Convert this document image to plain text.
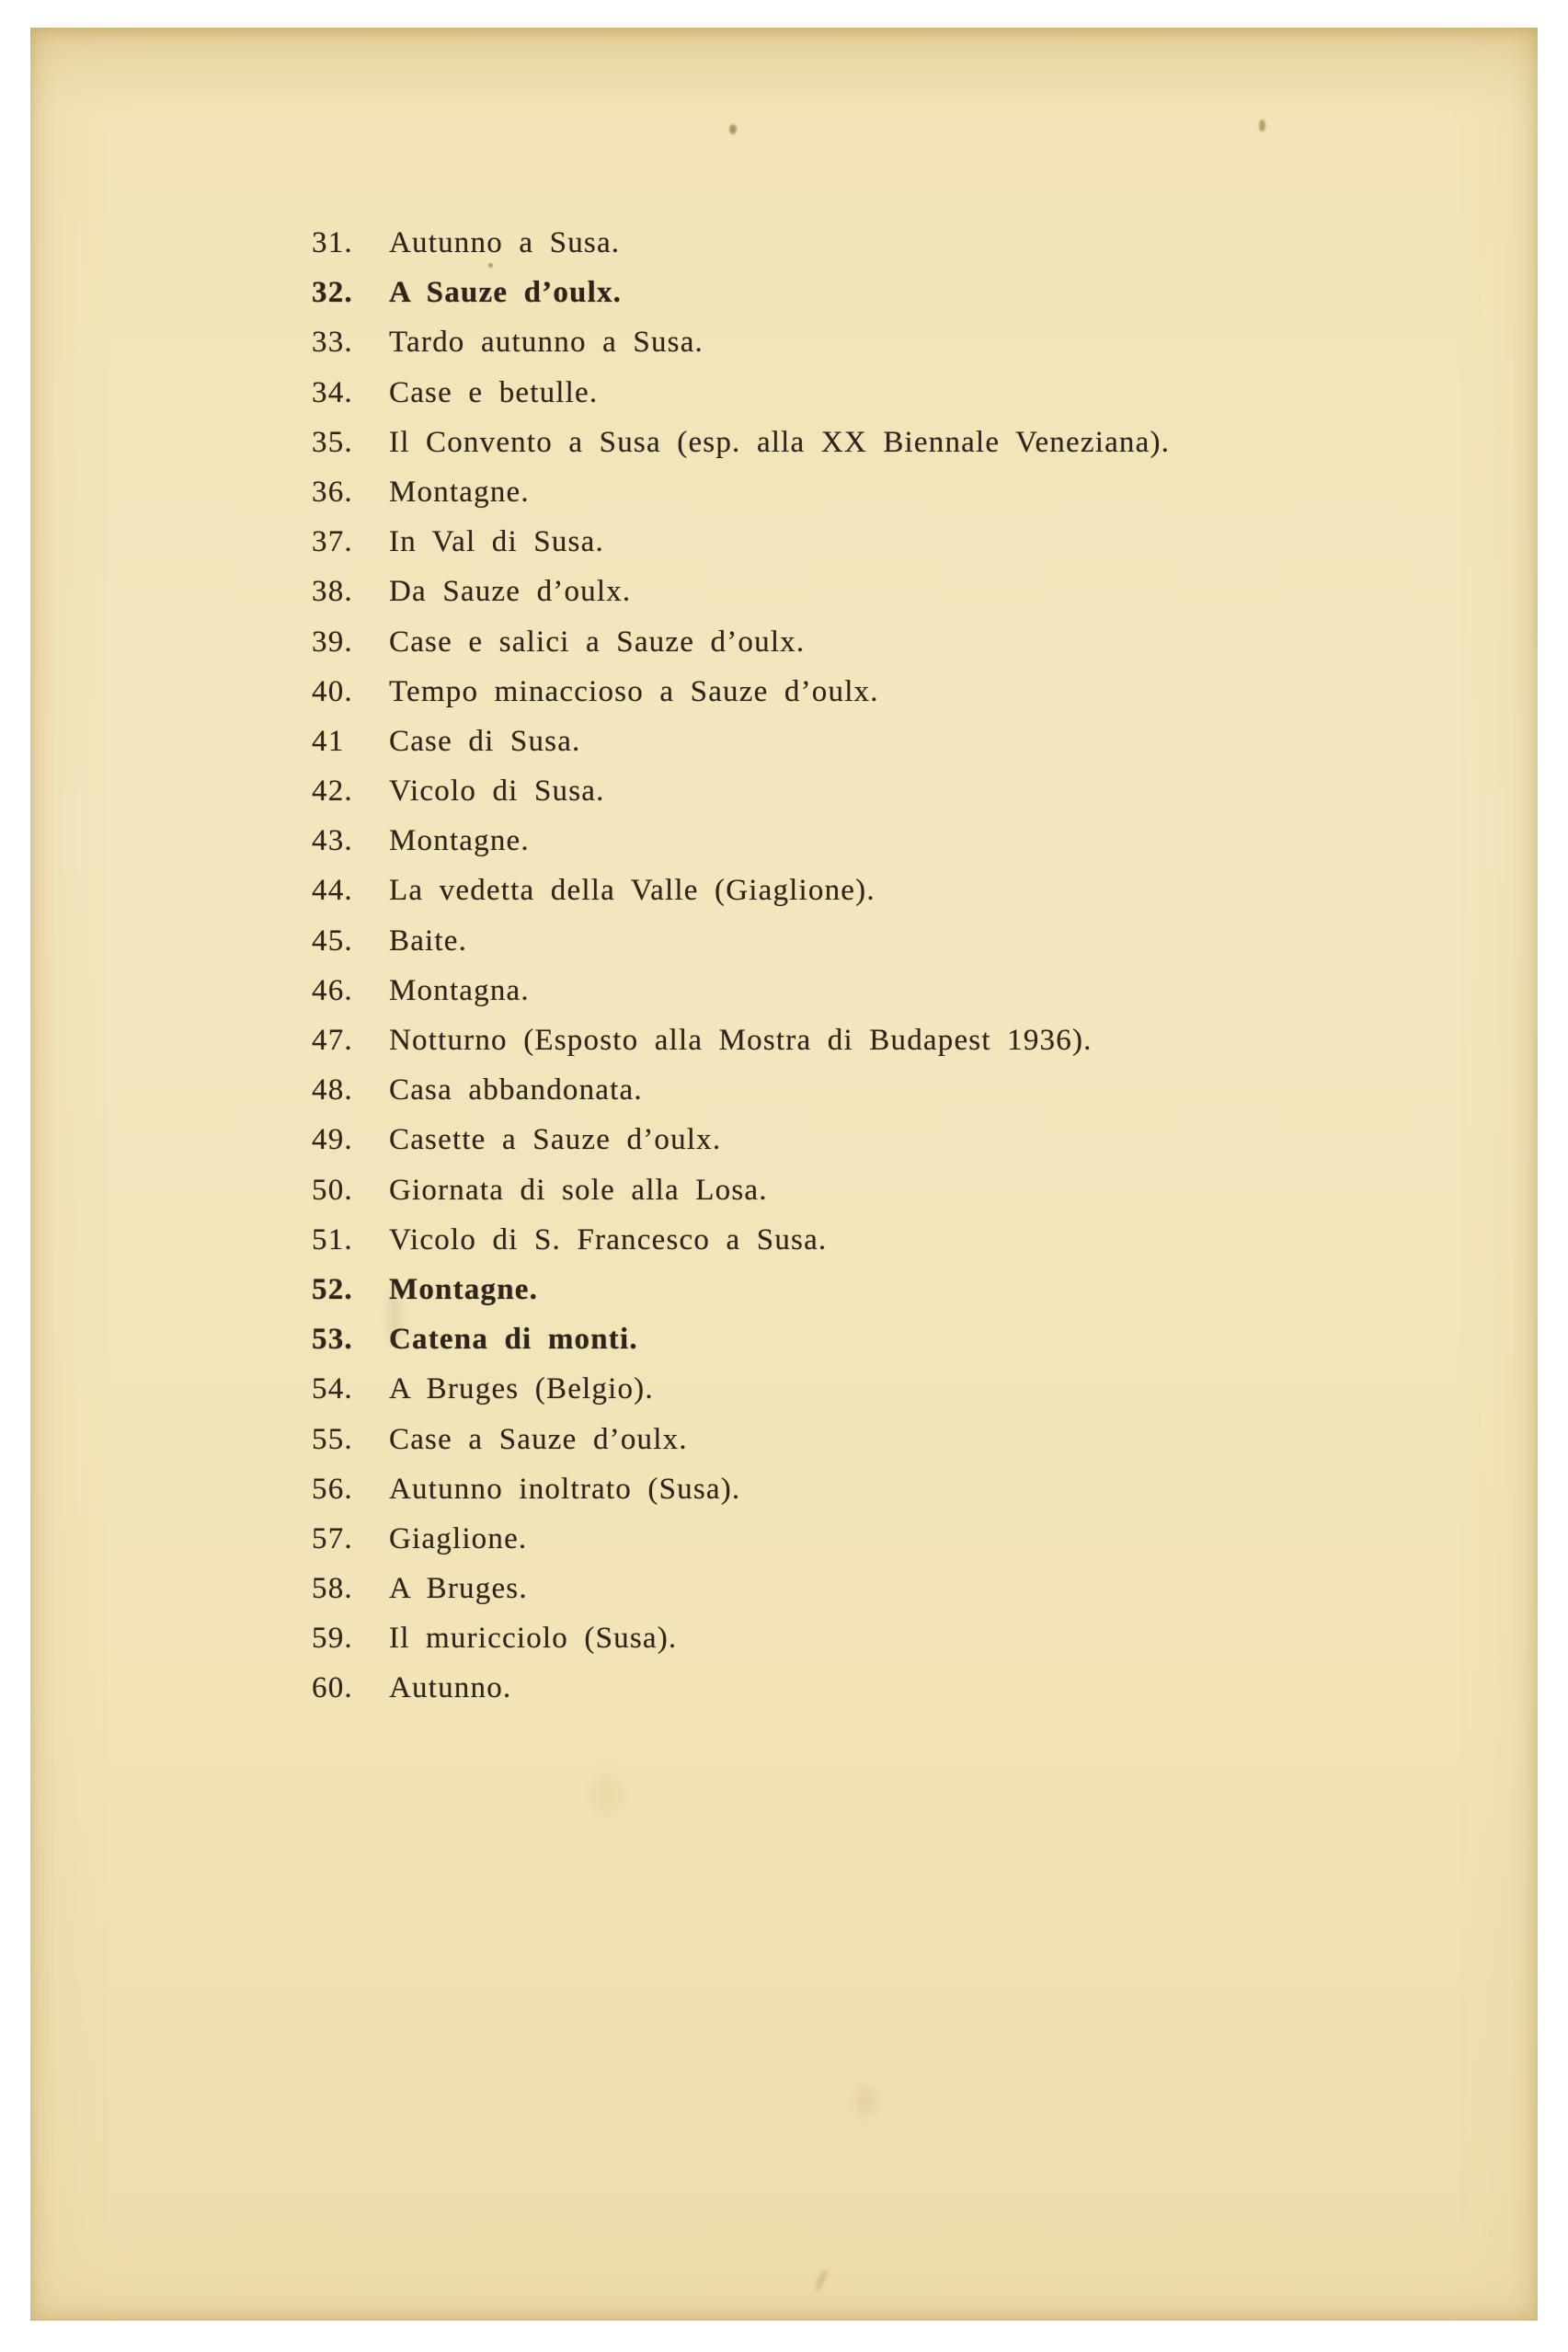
31.	Autunno a Susa.
32.	A Sauze d’oulx.
33.	Tardo autunno a Susa.
34.	Case e betulle.
35.	Il Convento a Susa (esp. alla XX Biennale Veneziana).
36.	Montagne.
37.	In Val di Susa.
38.	Da Sauze d’oulx.
39.	Case e salici a Sauze d’oulx.
40.	Tempo minaccioso a Sauze d’oulx.
41	Case di Susa.
42.	Vicolo di Susa.
43.	Montagne.
44.	La vedetta della Valle (Giaglione).
45.	Baite.
46.	Montagna.
47.	Notturno (Esposto alla Mostra di Budapest 1936).
48.	Casa abbandonata.
49.	Casette a Sauze d’oulx.
50.	Giornata di sole alla Losa.
51.	Vicolo di S. Francesco a Susa.
52.	Montagne.
53.	Catena di monti.
54.	A Bruges (Belgio).
55.	Case a Sauze d’oulx.
56.	Autunno inoltrato (Susa).
57.	Giaglione.
58.	A Bruges.
59.	Il muricciolo (Susa).
60.	Autunno.
